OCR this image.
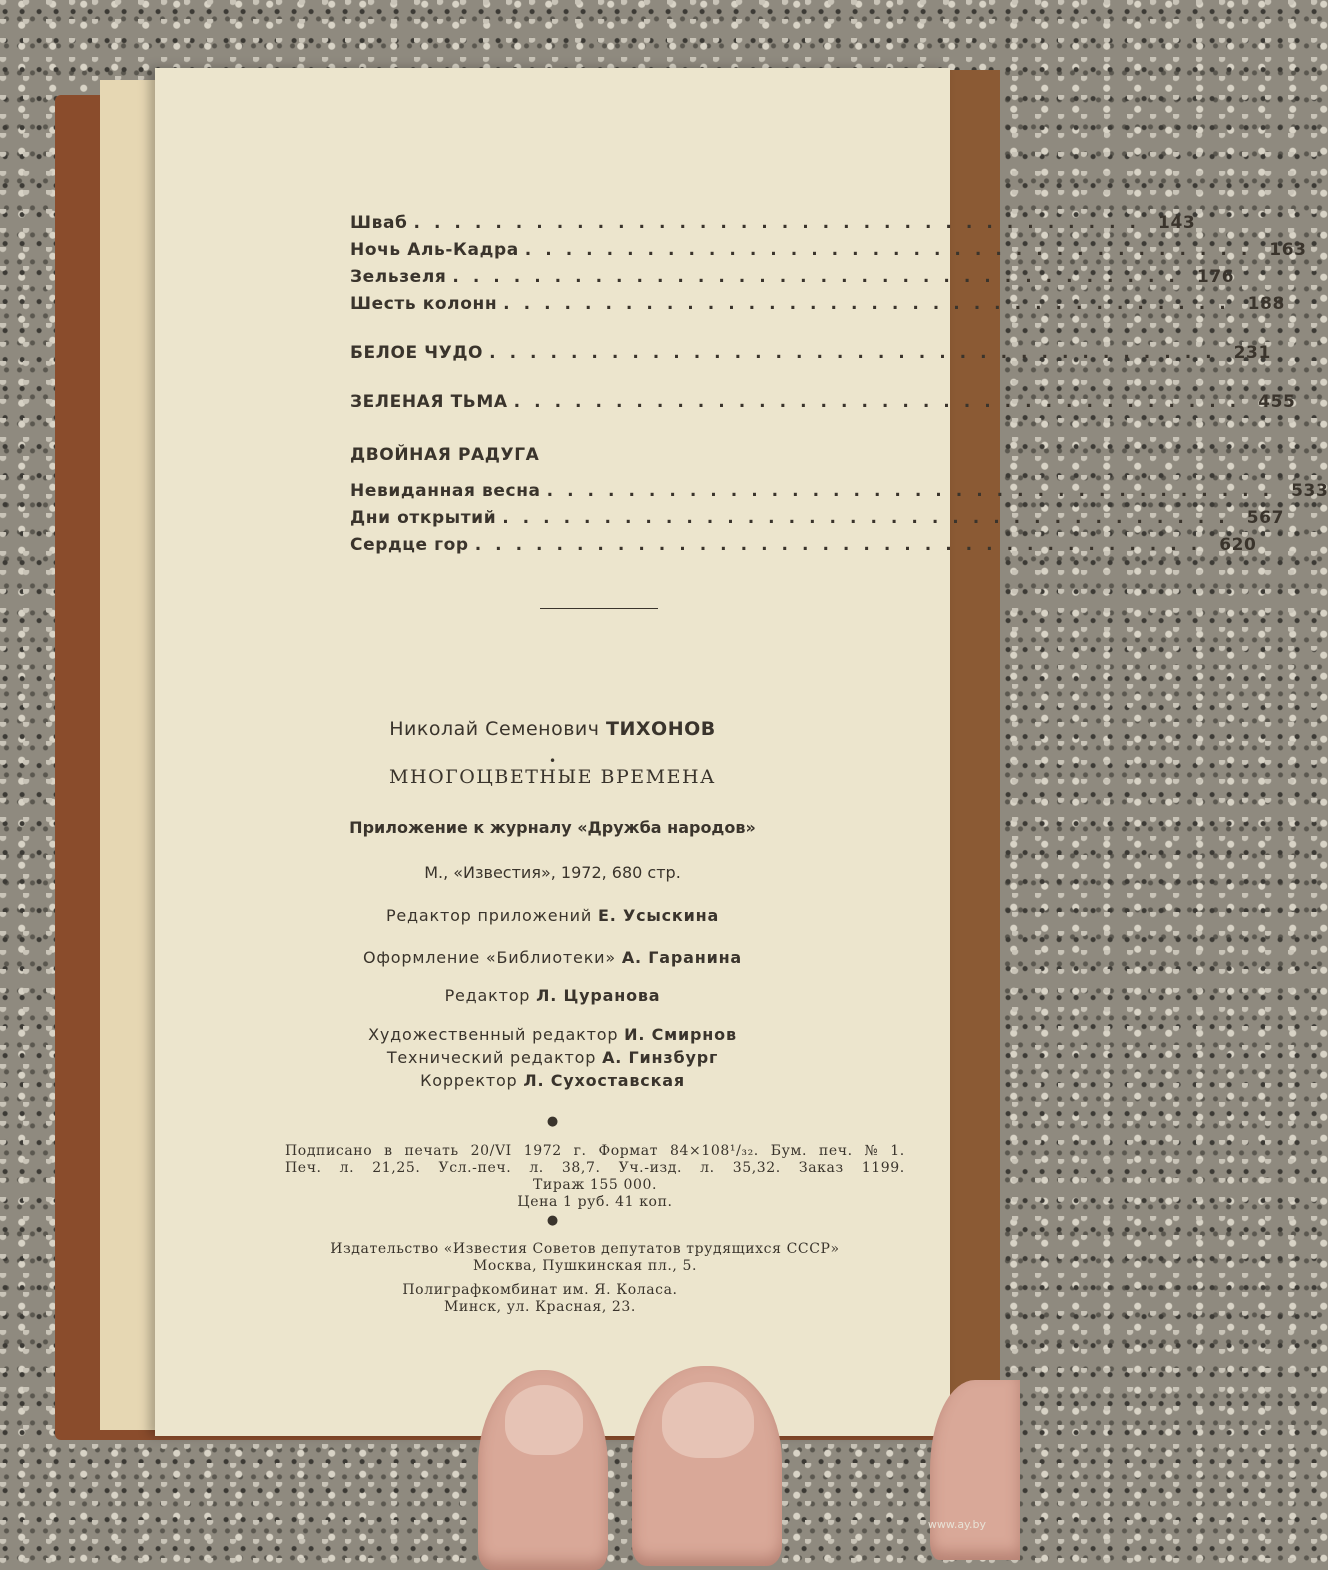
Шваб .................................... 143
Ночь Аль-Кадра .................................... 163
Зельзеля .................................... 176
Шесть колонн .................................... 188
БЕЛОЕ ЧУДО .................................... 231
ЗЕЛЕНАЯ ТЬМА .................................... 455
ДВОЙНАЯ РАДУГА
Невиданная весна .................................... 533
Дни открытий .................................... 567
Сердце гор .................................... 620
Николай Семенович ТИХОНОВ
•
МНОГОЦВЕТНЫЕ ВРЕМЕНА
Приложение к журналу «Дружба народов»
М., «Известия», 1972, 680 стр.
Редактор приложений Е. Усыскина
Оформление «Библиотеки» А. Гаранина
Редактор Л. Цуранова
Художественный редактор И. Смирнов
Технический редактор А. Гинзбург
Корректор Л. Сухоставская
●
Подписано в печать 20/VI 1972 г. Формат 84×108¹/₃₂. Бум. печ. № 1.
Печ. л. 21,25. Усл.-печ. л. 38,7. Уч.-изд. л. 35,32. Заказ 1199.
Тираж 155 000.
Цена 1 руб. 41 коп.
●
Издательство «Известия Советов депутатов трудящихся СССР»
Москва, Пушкинская пл., 5.
Полиграфкомбинат им. Я. Коласа.
Минск, ул. Красная, 23.
www.ay.by
